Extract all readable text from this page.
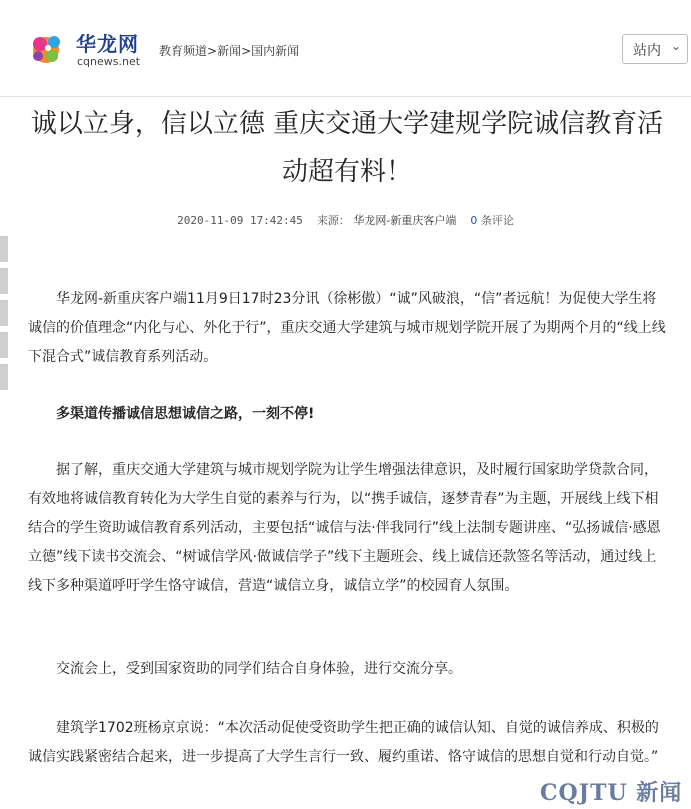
华龙网
cqnews.net
教育频道>新闻>国内新闻	站内 ⌄
诚以立身，信以立德 重庆交通大学建规学院诚信教育活动超有料！
2020-11-09 17:42:45 来源： 华龙网-新重庆客户端 0 条评论

华龙网-新重庆客户端11月9日17时23分讯（徐彬傲）“诚”风破浪，“信”者远航！为促使大学生将诚信的价值理念“内化与心、外化于行”，重庆交通大学建筑与城市规划学院开展了为期两个月的“线上线下混合式”诚信教育系列活动。

多渠道传播诚信思想诚信之路，一刻不停!

据了解，重庆交通大学建筑与城市规划学院为让学生增强法律意识，及时履行国家助学贷款合同，有效地将诚信教育转化为大学生自觉的素养与行为，以“携手诚信，逐梦青春”为主题，开展线上线下相结合的学生资助诚信教育系列活动，主要包括“诚信与法·伴我同行”线上法制专题讲座、“弘扬诚信·感恩立德”线下读书交流会、“树诚信学风·做诚信学子”线下主题班会、线上诚信还款签名等活动，通过线上线下多种渠道呼吁学生恪守诚信，营造“诚信立身，诚信立学”的校园育人氛围。

交流会上，受到国家资助的同学们结合自身体验，进行交流分享。

建筑学1702班杨京京说：“本次活动促使受资助学生把正确的诚信认知、自觉的诚信养成、积极的诚信实践紧密结合起来，进一步提高了大学生言行一致、履约重诺、恪守诚信的思想自觉和行动自觉。”

CQJTU 新闻
